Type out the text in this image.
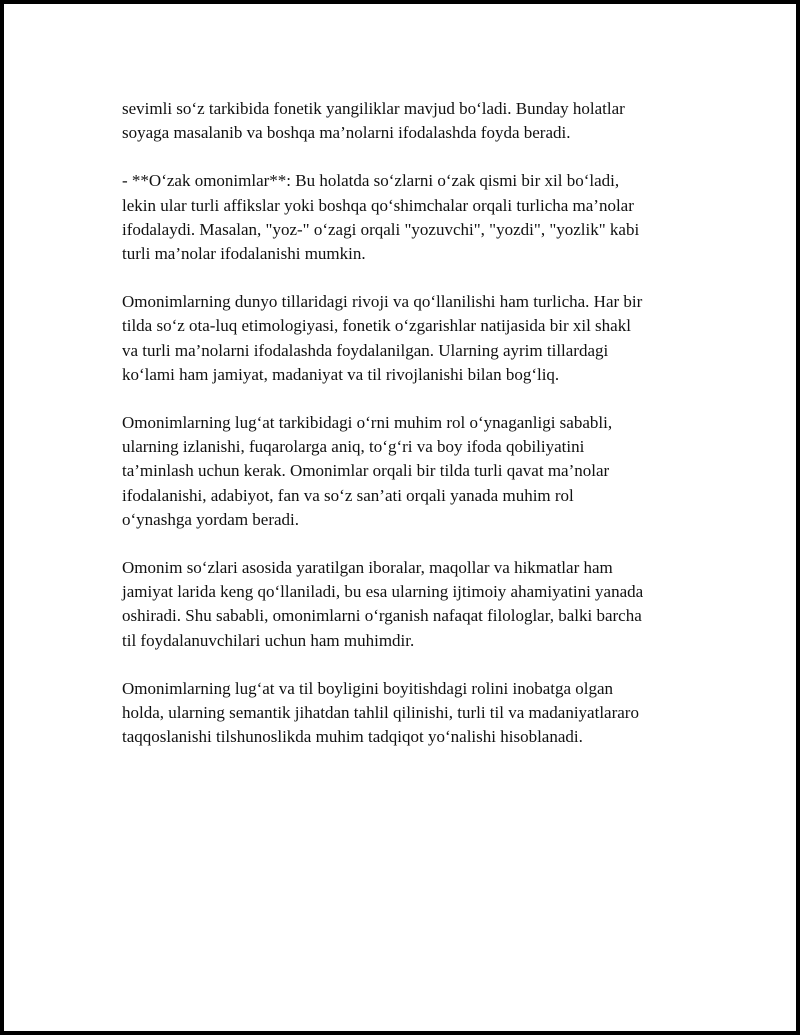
sevimli so‘z tarkibida fonetik yangiliklar mavjud bo‘ladi. Bunday holatlar
soyaga masalanib va boshqa ma’nolarni ifodalashda foyda beradi.

- **O‘zak omonimlar**: Bu holatda so‘zlarni o‘zak qismi bir xil bo‘ladi,
lekin ular turli affikslar yoki boshqa qo‘shimchalar orqali turlicha ma’nolar
ifodalaydi. Masalan, "yoz-" o‘zagi orqali "yozuvchi", "yozdi", "yozlik" kabi
turli ma’nolar ifodalanishi mumkin.

Omonimlarning dunyo tillaridagi rivoji va qo‘llanilishi ham turlicha. Har bir
tilda so‘z ota-luq etimologiyasi, fonetik o‘zgarishlar natijasida bir xil shakl
va turli ma’nolarni ifodalashda foydalanilgan. Ularning ayrim tillardagi
ko‘lami ham jamiyat, madaniyat va til rivojlanishi bilan bog‘liq.

Omonimlarning lug‘at tarkibidagi o‘rni muhim rol o‘ynaganligi sababli,
ularning izlanishi, fuqarolarga aniq, to‘g‘ri va boy ifoda qobiliyatini
ta’minlash uchun kerak. Omonimlar orqali bir tilda turli qavat ma’nolar
ifodalanishi, adabiyot, fan va so‘z san’ati orqali yanada muhim rol
o‘ynashga yordam beradi.

Omonim so‘zlari asosida yaratilgan iboralar, maqollar va hikmatlar ham
jamiyat larida keng qo‘llaniladi, bu esa ularning ijtimoiy ahamiyatini yanada
oshiradi. Shu sababli, omonimlarni o‘rganish nafaqat filologlar, balki barcha
til foydalanuvchilari uchun ham muhimdir.

Omonimlarning lug‘at va til boyligini boyitishdagi rolini inobatga olgan
holda, ularning semantik jihatdan tahlil qilinishi, turli til va madaniyatlararo
taqqoslanishi tilshunoslikda muhim tadqiqot yo‘nalishi hisoblanadi.
